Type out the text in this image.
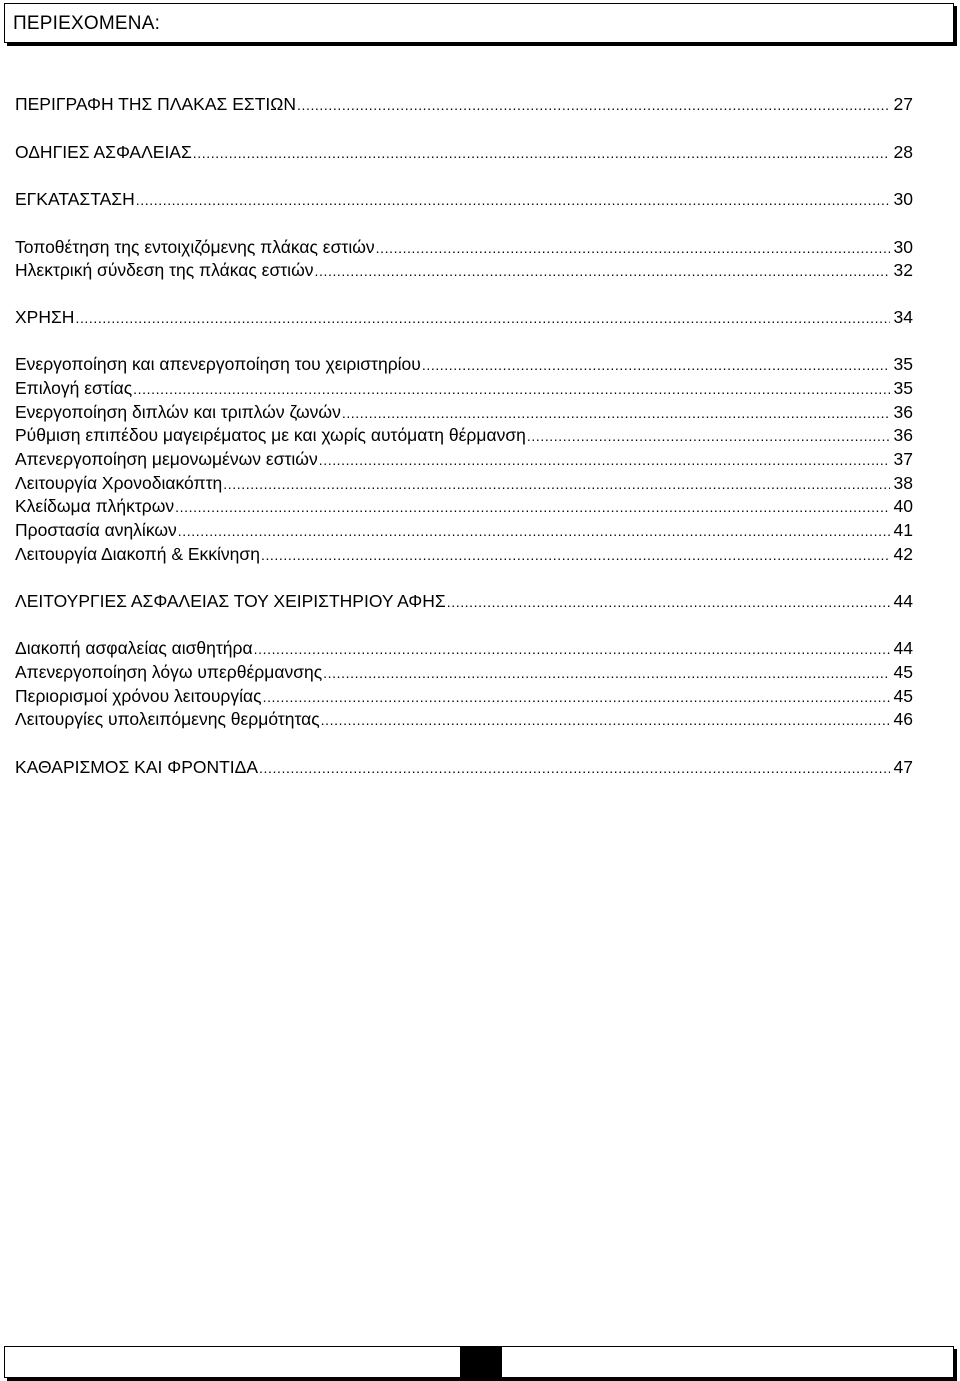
ΠΕΡΙΕΧΟΜΕΝΑ:
ΠΕΡΙΓΡΑΦΗ ΤΗΣ ΠΛΑΚΑΣ ΕΣΤΙΩΝ .....	27
ΟΔΗΓΙΕΣ ΑΣΦΑΛΕΙΑΣ .....	28
ΕΓΚΑΤΑΣΤΑΣΗ .....	30
Τοποθέτηση της εντοιχιζόμενης πλάκας εστιών .....	30
Ηλεκτρική σύνδεση της πλάκας εστιών .....	32
ΧΡΗΣΗ .....	34
Ενεργοποίηση και απενεργοποίηση του χειριστηρίου .....	35
Επιλογή εστίας .....	35
Ενεργοποίηση διπλών και τριπλών ζωνών .....	36
Ρύθμιση επιπέδου μαγειρέματος με και χωρίς αυτόματη θέρμανση .....	36
Απενεργοποίηση μεμονωμένων εστιών .....	37
Λειτουργία Χρονοδιακόπτη .....	38
Κλείδωμα πλήκτρων .....	40
Προστασία ανηλίκων .....	41
Λειτουργία Διακοπή & Εκκίνηση .....	42
ΛΕΙΤΟΥΡΓΙΕΣ ΑΣΦΑΛΕΙΑΣ ΤΟΥ ΧΕΙΡΙΣΤΗΡΙΟΥ ΑΦΗΣ .....	44
Διακοπή ασφαλείας αισθητήρα .....	44
Απενεργοποίηση λόγω υπερθέρμανσης .....	45
Περιορισμοί χρόνου λειτουργίας .....	45
Λειτουργίες υπολειπόμενης θερμότητας .....	46
ΚΑΘΑΡΙΣΜΟΣ ΚΑΙ ΦΡΟΝΤΙΔΑ .....	47
